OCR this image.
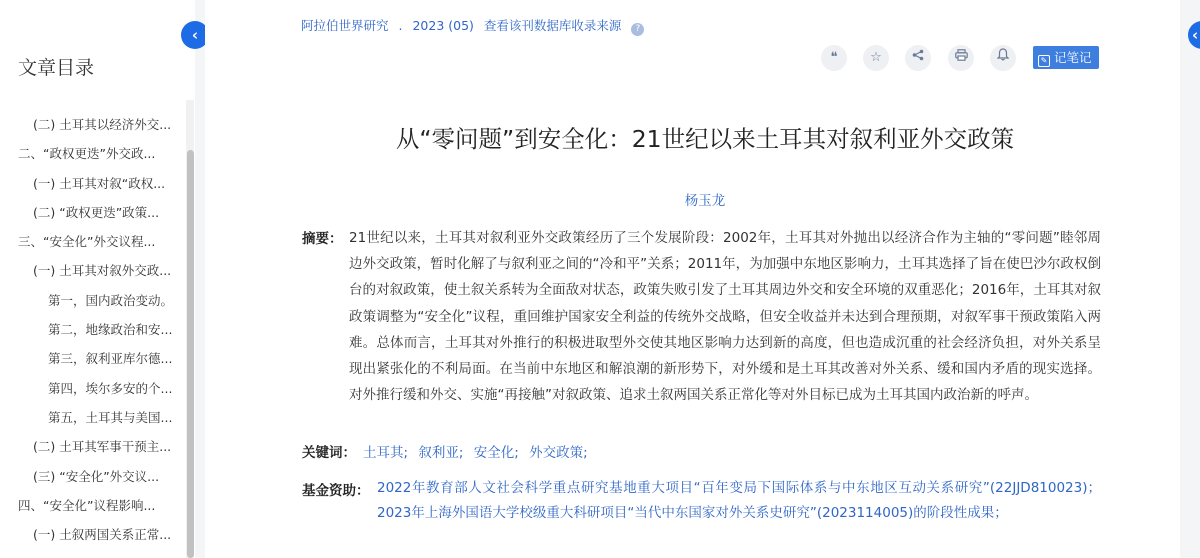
文章目录
(二) 土耳其以经济外交...
二、“政权更迭”外交政...
(一) 土耳其对叙“政权...
(二) “政权更迭”政策...
三、“安全化”外交议程...
(一) 土耳其对叙外交政...
第一，国内政治变动。
第二，地缘政治和安...
第三，叙利亚库尔德...
第四，埃尔多安的个...
第五，土耳其与美国...
(二) 土耳其军事干预主...
(三) “安全化”外交议...
四、“安全化”议程影响...
(一) 土叙两国关系正常...
‹	‹
阿拉伯世界研究 . 2023 (05) 查看该刊数据库收录来源 ?
❝	☆	✎ 记笔记
从“零问题”到安全化：21世纪以来土耳其对叙利亚外交政策
杨玉龙
摘要： 21世纪以来，土耳其对叙利亚外交政策经历了三个发展阶段：2002年，土耳其对外抛出以经济合作为主轴的“零问题”睦邻周边外交政策，暂时化解了与叙利亚之间的“冷和平”关系；2011年，为加强中东地区影响力，土耳其选择了旨在使巴沙尔政权倒台的对叙政策，使土叙关系转为全面敌对状态，政策失败引发了土耳其周边外交和安全环境的双重恶化；2016年，土耳其对叙政策调整为“安全化”议程，重回维护国家安全利益的传统外交战略，但安全收益并未达到合理预期，对叙军事干预政策陷入两难。总体而言，土耳其对外推行的积极进取型外交使其地区影响力达到新的高度，但也造成沉重的社会经济负担，对外关系呈现出紧张化的不利局面。在当前中东地区和解浪潮的新形势下，对外缓和是土耳其改善对外关系、缓和国内矛盾的现实选择。对外推行缓和外交、实施“再接触”对叙政策、追求土叙两国关系正常化等对外目标已成为土耳其国内政治新的呼声。
关键词： 土耳其; 叙利亚; 安全化; 外交政策;
基金资助： 2022年教育部人文社会科学重点研究基地重大项目“百年变局下国际体系与中东地区互动关系研究”(22JJD810023)； 2023年上海外国语大学校级重大科研项目“当代中东国家对外关系史研究”(2023114005)的阶段性成果；
